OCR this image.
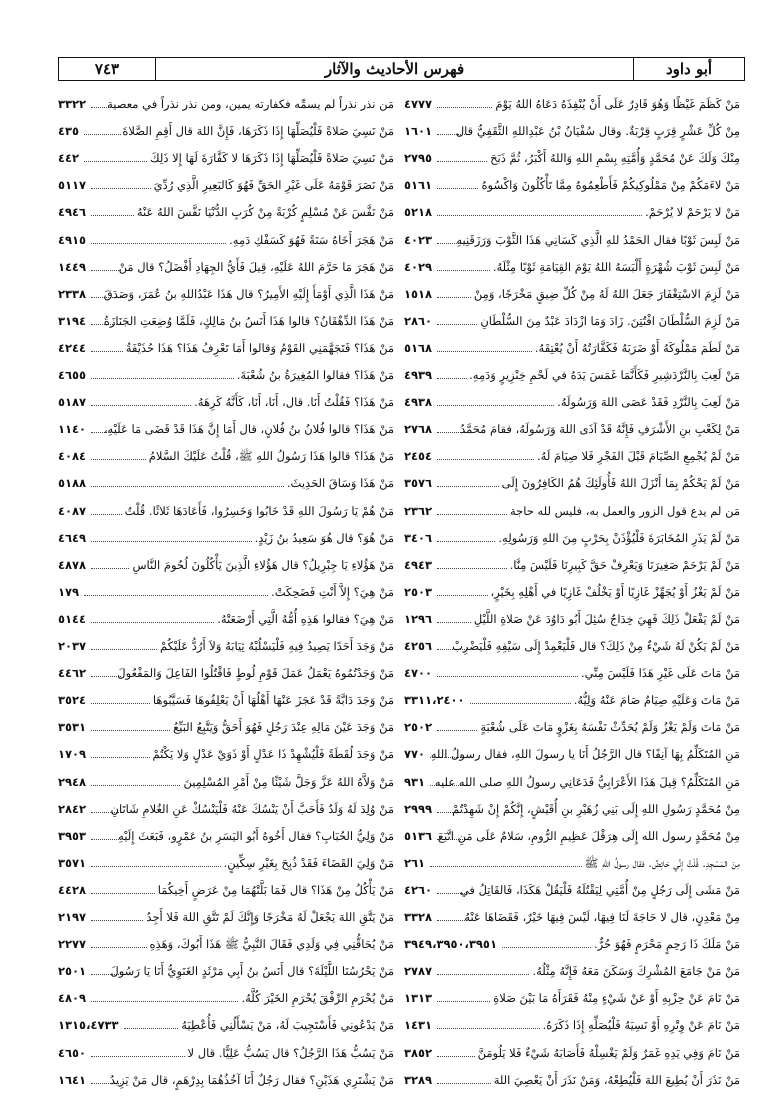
أبو داود
فهرس الأحاديث والآثار
٧٤٣
٤٧٧٧	مَنْ كَظَمَ غَيْظًا وَهُوَ قَادِرٌ عَلَى أَنْ يُنْفِذَهُ دَعَاهُ اللهُ يَوْمَ
١٦٠١ مِنْ كُلِّ عَشْرٍ قِرَبٍ قِرْبَةٌ. وقال سُفْيَانُ بْنُ عَبْدِاللهِ الثَّقَفِيُّ قال
٢٧٩٥	مِنْكَ وَلَكَ عَنْ مُحَمَّدٍ وَأُمَّتِهِ بِسْمِ اللهِ وَاللهُ أَكْبَرُ، ثُمَّ ذَبَحَ
٥١٦١	مَنْ لاءَمَكُمْ مِنْ مَمْلُوكِيكُمْ فَأَطْعِمُوهُ مِمَّا تَأْكُلُونَ وَاكْسُوهُ
٥٢١٨	مَنْ لا يَرْحَمْ لا يُرْحَمْ.
٤٠٢٣ مَنْ لَبِسَ ثَوْبًا فقال الحَمْدُ للهِ الَّذِي كَسَانِي هَذَا الثَّوْبَ وَرَزَقَنِيهِ
٤٠٢٩	مَنْ لَبِسَ ثَوْبَ شُهْرَةٍ أَلْبَسَهُ اللهُ يَوْمَ القِيَامَةِ ثَوْبًا مِثْلَهُ.
١٥١٨	مَنْ لَزِمَ الاسْتِغْفَارَ جَعَلَ اللهُ لَهُ مِنْ كُلِّ ضِيقٍ مَخْرَجًا، وَمِنْ
٢٨٦٠	مَنْ لَزِمَ السُّلْطَانَ افْتُتِنَ. زَادَ وَمَا ازْدَادَ عَبْدٌ مِنَ السُّلْطَانِ
٥١٦٨	مَنْ لَطَمَ مَمْلُوكَهُ أَوْ ضَرَبَهُ فَكَفَّارَتُهُ أَنْ يُعْتِقَهُ.
٤٩٣٩	مَنْ لَعِبَ بِالنَّرْدَشِيرِ فَكَأَنَّمَا غَمَسَ يَدَهُ في لَحْمِ خِنْزِيرٍ وَدَمِهِ.
٤٩٣٨	مَنْ لَعِبَ بِالنَّرْدِ فَقَدْ عَصَى اللهَ وَرَسُولَهُ.
٢٧٦٨ مَنْ لِكَعْبِ بنِ الأَشْرَفِ فَإِنَّهُ قَدْ آذَى اللهَ وَرَسُولَهُ، فقامَ مُحَمَّدُ
٢٤٥٤	مَنْ لَمْ يُجْمِعِ الصِّيَامَ قَبْلَ الفَجْرِ فَلا صِيَامَ لَهُ.
٣٥٧٦	مَنْ لَمْ يَحْكُمْ بِمَا أَنْزَلَ اللهُ فَأُولَئِكَ هُمُ الكَافِرُونَ إِلَى
٢٣٦٢	مَن لم يدع قول الزور والعمل به، فليس لله حاجة
٣٤٠٦	مَنْ لَمْ يَذَرِ المُخَابَرَةَ فَلْيُؤْذَنْ بِحَرْبٍ مِنَ اللهِ وَرَسُولِهِ.
٤٩٤٣	مَنْ لَمْ يَرْحَمْ صَغِيرَنَا وَيَعْرِفْ حَقَّ كَبِيرِنَا فَلَيْسَ مِنَّا.
٢٥٠٣	مَنْ لَمْ يَغْزُ أَوْ يُجَهِّزْ غَازِيًا أَوْ يَخْلُفْ غَازِيًا في أَهْلِهِ بِخَيْرٍ،
١٢٩٦	مَنْ لَمْ يَفْعَلْ ذَلِكَ فَهِيَ خِدَاجٌ سُئِلَ أَبُو دَاوُدَ عَنْ صَلاةِ اللَّيْلِ
٤٢٥٦ مَنْ لَمْ يَكُنْ لَهُ شَيْءٌ مِنْ ذَلِكَ؟ قال فَلْيَعْمِدْ إِلَى سَيْفِهِ فَلْيَضْرِبْ
٤٧٠٠	مَنْ مَاتَ عَلَى غَيْرِ هَذَا فَلَيْسَ مِنِّي.
٣٣١١،٢٤٠٠	مَنْ مَاتَ وَعَلَيْهِ صِيَامٌ صَامَ عَنْهُ وَلِيُّهُ.
٢٥٠٢	مَنْ مَاتَ وَلَمْ يَغْزُ وَلَمْ يُحَدِّثْ نَفْسَهُ بِغَزْوٍ مَاتَ عَلَى شُعْبَةٍ
٧٧٠ مَنِ المُتَكَلِّمُ بِهَا آنِفًا؟ قال الرَّجُلُ أَنَا يا رسولَ اللهِ، فقال رسولُ اللهِ
٩٣١ مَنِ المُتَكَلِّمُ؟ قِيلَ هَذَا الأَعْرَابِيُّ فَدَعَانِي رسولُ اللهِ صلى الله عليه
٢٩٩٩ مِنْ مُحَمَّدٍ رَسُولِ اللهِ إِلَى بَنِي زُهَيْرِ بنِ أُقَيْشٍ، إِنَّكُمْ إِنْ شَهِدْتُمْ
٥١٣٦ مِنْ مُحَمَّدٍ رسول الله إِلَى هِرَقْلَ عَظِيمِ الرُّومِ، سَلامٌ عَلَى مَنِ اتَّبَعَ
٢٦١	مِنَ المَسْجِدِ. قُلْتُ إِنِّي حَائِضٌ. فقال رسولُ اللهِ ﷺ
٤٢٦٠ مَنْ مَشَى إِلَى رَجُلٍ مِنْ أُمَّتِي لِيَقْتُلَهُ فَلْيَقُلْ هَكَذَا، فَالقَاتِلُ في
٣٣٢٨	مِنْ مَعْدِنٍ، قال لا حَاجَةَ لَنَا فِيهَا، لَيْسَ فِيهَا خَيْرٌ، فَقَضَاهَا عَنْهُ
٣٩٤٩،٣٩٥٠،٣٩٥١	مَنْ مَلَكَ ذَا رَحِمٍ مَحْرَمٍ فَهُوَ حُرٌّ.
٢٧٨٧	مَنْ مَنْ جَامَعَ المُشْرِكَ وَسَكَنَ مَعَهُ فَإِنَّهُ مِثْلُهُ.
١٣١٣	مَنْ نَامَ عَنْ حِزْبِهِ أَوْ عَنْ شَيْءٍ مِنْهُ فَقَرَأَهُ مَا بَيْنَ صَلاةِ
١٤٣١	مَنْ نَامَ عَنْ وِتْرِهِ أَوْ نَسِيَهُ فَلْيُصَلِّهِ إِذَا ذَكَرَهُ.
٣٨٥٢	مَنْ نَامَ وَفِي يَدِهِ غَمَرٌ وَلَمْ يَغْسِلْهُ فَأَصَابَهُ شَيْءٌ فَلا يَلُومَنَّ
٣٢٨٩	مَنْ نَذَرَ أَنْ يُطِيعَ اللهَ فَلْيُطِعْهُ، وَمَنْ نَذَرَ أَنْ يَعْصِيَ اللهَ
٣٣٢٢ مَن نذر نذراً لم يسمِّه فكفارته يمين، ومن نذر نذراً في معصية
٤٣٥	مَنْ نَسِيَ صَلاةً فَلْيُصَلِّهَا إِذَا ذَكَرَهَا، فَإِنَّ اللهَ قال أَقِمِ الصَّلاةَ
٤٤٢	مَنْ نَسِيَ صَلاةً فَلْيُصَلِّهَا إِذَا ذَكَرَهَا لا كَفَّارَةَ لَهَا إِلا ذَلِكَ
٥١١٧	مَنْ نَصَرَ قَوْمَهُ عَلَى غَيْرِ الحَقِّ فَهُوَ كَالبَعِيرِ الَّذِي رُدِّيَ
٤٩٤٦	مَنْ نَفَّسَ عَنْ مُسْلِمٍ كُرْبَةً مِنْ كُرَبِ الدُّنْيَا نَفَّسَ اللهُ عَنْهُ
٤٩١٥	مَنْ هَجَرَ أَخَاهُ سَنَةً فَهُوَ كَسَفْكِ دَمِهِ.
١٤٤٩	مَنْ هَجَرَ مَا حَرَّمَ اللهُ عَلَيْهِ، قِيلَ فَأَيُّ الجِهَادِ أَفْضَلُ؟ قال مَنْ
٢٣٣٨ مَنْ هَذَا الَّذِي أَوْمَأَ إِلَيْهِ الأَمِيرُ؟ قال هَذَا عَبْدُاللهِ بنُ عُمَرَ، وَصَدَقَ
٣١٩٤ مَنْ هَذَا الدِّهْقَانُ؟ قالوا هَذَا أَنَسُ بنُ مَالِكٍ، فَلَمَّا وُضِعَتِ الجَنَازَةُ
٤٢٤٤	مَنْ هَذَا؟ فَتَجَهَّمَنِي القَوْمُ وَقالوا أَمَا تَعْرِفُ هَذَا؟ هَذَا حُذَيْفَةُ
٤٦٥٥	مَنْ هَذَا؟ فقالوا المُغِيرَةُ بنُ شُعْبَةَ.
٥١٨٧	مَنْ هَذَا؟ فَقُلْتُ أَنَا. قال، أَنَا، أَنَا، كَأَنَّهُ كَرِهَهُ.
١١٤٠ مَنْ هَذَا؟ قالوا فُلانُ بنُ فُلانٍ، قال أَمَا إِنَّ هَذَا قَدْ قَضَى مَا عَلَيْهِ،
٤٠٨٤	مَنْ هَذَا؟ قالوا هَذَا رَسُولُ اللهِ ﷺ، قُلْتُ عَلَيْكَ السَّلامُ
٥١٨٨	مَنْ هَذَا وَسَاقَ الحَدِيثَ.
٤٠٨٧	مَنْ هُمْ يَا رَسُولَ اللهِ قَدْ خَابُوا وَخَسِرُوا، فَأَعَادَهَا ثَلاثًا. قُلْتُ
٤٦٤٩	مَنْ هُوَ؟ قال هُوَ سَعِيدُ بنُ زَيْدٍ.
٤٨٧٨	مَنْ هَؤُلاءِ يَا جِبْرِيلُ؟ قال هَؤُلاءِ الَّذِينَ يَأْكُلُونَ لُحُومَ النَّاسِ
١٧٩	مَنْ هِيَ؟ إِلاَّ أَنْتِ فَضَحِكَتْ.
٥١٤٤	مَنْ هِيَ؟ فقالوا هَذِهِ أُمُّهُ الَّتِي أَرْضَعَتْهُ.
٢٠٣٧	مَنْ وَجَدَ أَحَدًا يَصِيدُ فِيهِ فَلْيَسْلُبْهُ ثِيَابَهُ وَلاَ أَرُدُّ عَلَيْكُمْ
٤٤٦٢	مَنْ وَجَدْتُمُوهُ يَعْمَلُ عَمَلَ قَوْمِ لُوطٍ فَاقْتُلُوا الفَاعِلَ وَالمَفْعُولَ
٣٥٢٤	مَنْ وَجَدَ دَابَّةً قَدْ عَجَزَ عَنْهَا أَهْلُهَا أَنْ يَعْلِفُوهَا فَسَيَّبُوهَا
٣٥٣١	مَنْ وَجَدَ عَيْنَ مَالِهِ عِنْدَ رَجُلٍ فَهُوَ أَحَقُّ وَيَتَّبِعُ البَيِّعُ
١٧٠٩	مَنْ وَجَدَ لُقَطَةً فَلْيُشْهِدْ ذَا عَدْلٍ أَوْ ذَوَيْ عَدْلٍ وَلا يَكْتُمْ
٢٩٤٨	مَنْ وَلاَّهُ اللهُ عَزَّ وَجَلَّ شَيْئًا مِنْ أَمْرِ المُسْلِمِينَ
٢٨٤٢ مَنْ وُلِدَ لَهُ وَلَدٌ فَأَحَبَّ أَنْ يَنْسُكَ عَنْهُ فَلْيَنْسُكْ عَنِ الغُلامِ شَاتَانِ
٣٩٥٣	مَنْ وَلِيُّ الحُبَابِ؟ فقال أَخُوهُ أَبُو اليَسَرِ بنُ عَمْرٍو، فَبَعَثَ إِلَيْهِ
٣٥٧١	مَنْ وَلِيَ القَضَاءَ فَقَدْ ذُبِحَ بِغَيْرِ سِكِّينٍ.
٤٤٢٨	مَنْ يَأْكُلُ مِنْ هَذَا؟ قال فَمَا بَلَّتْهُمَا مِنْ عَرَضٍ أَخِيكُمَا
٢١٩٧	مَنْ يَتَّقِ اللهَ يَجْعَلْ لَهُ مَخْرَجًا وَإِنَّكَ لَمْ تَتَّقِ اللهَ فَلا أَجِدُ
٢٢٧٧	مَنْ يُحَاقُّنِي فِي وَلَدِي فَقَالَ النَّبِيُّ ﷺ هَذَا أَبُوكَ، وَهَذِهِ
٢٥٠١ مَنْ يَحْرُسُنَا اللَّيْلَةَ؟ قال أَنَسُ بنُ أَبِي مَرْثَدٍ الغَنَوِيُّ أَنَا يَا رَسُولَ
٤٨٠٩	مَنْ يُحْرَمِ الرِّفْقَ يُحْرَمِ الخَيْرَ كُلَّهُ.
١٣١٥،٤٧٣٣	مَنْ يَدْعُونِي فَأَسْتَجِيبَ لَهُ، مَنْ يَسْأَلُنِي فَأُعْطِيَهُ
٤٦٥٠	مَنْ يَسُبُّ هَذَا الرَّجُلُ؟ قال يَسُبُّ عَلِيًّا. قال لا
١٦٤١ مَنْ يَشْتَرِي هَذَيْنِ؟ فقال رَجُلٌ أَنَا آخُذُهُمَا بِدِرْهَمٍ، قال مَنْ يَزِيدُ
